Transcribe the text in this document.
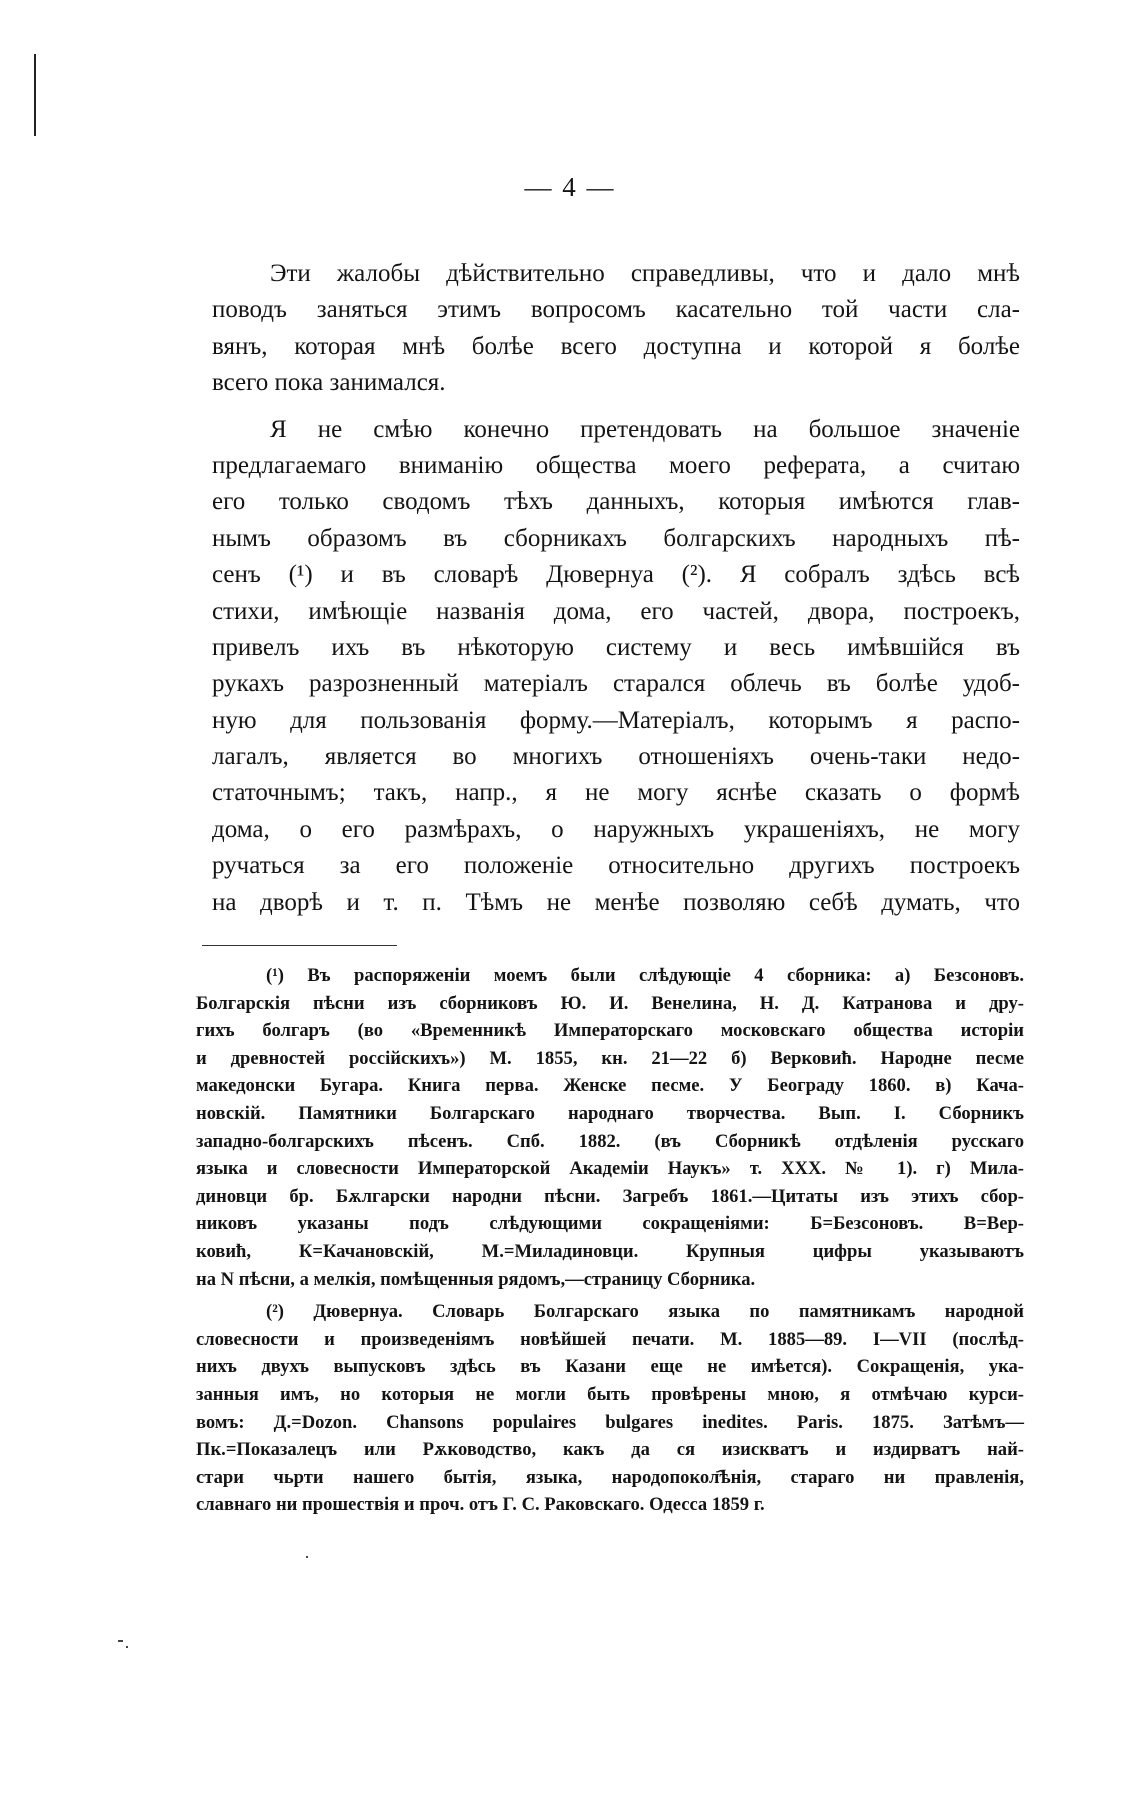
— 4 —
Эти жалобы дѣйствительно справедливы, что и дало мнѣ
поводъ заняться этимъ вопросомъ касательно той части сла-
вянъ, которая мнѣ болѣе всего доступна и которой я болѣе
всего пока занимался.
Я не смѣю конечно претендовать на большое значеніе
предлагаемаго вниманію общества моего реферата, а считаю
его только сводомъ тѣхъ данныхъ, которыя имѣются глав-
нымъ образомъ въ сборникахъ болгарскихъ народныхъ пѣ-
сенъ (¹) и въ словарѣ Дювернуа (²). Я собралъ здѣсь всѣ
стихи, имѣющіе названія дома, его частей, двора, построекъ,
привелъ ихъ въ нѣкоторую систему и весь имѣвшійся въ
рукахъ разрозненный матеріалъ старался облечь въ болѣе удоб-
ную для пользованія форму.—Матеріалъ, которымъ я распо-
лагалъ, является во многихъ отношеніяхъ очень-таки недо-
статочнымъ; такъ, напр., я не могу яснѣе сказать о формѣ
дома, о его размѣрахъ, о наружныхъ украшеніяхъ, не могу
ручаться за его положеніе относительно другихъ построекъ
на дворѣ и т. п. Тѣмъ не менѣе позволяю себѣ думать, что
(¹) Въ распоряженіи моемъ были слѣдующіе 4 сборника: а) Безсоновъ.
Болгарскія пѣсни изъ сборниковъ Ю. И. Венелина, Н. Д. Катранова и дру-
гихъ болгаръ (во «Временникѣ Императорскаго московскаго общества исторіи
и древностей россійскихъ») М. 1855, кн. 21—22 б) Верковић. Народне песме
македонски Бугара. Книга перва. Женске песме. У Београду 1860. в) Кача-
новскій. Памятники Болгарскаго народнаго творчества. Вып. I. Сборникъ
западно-болгарскихъ пѣсенъ. Спб. 1882. (въ Сборникѣ отдѣленія русскаго
языка и словесности Императорской Академіи Наукъ» т. XXX. № 1). г) Мила-
диновци бр. Бѫлгарски народни пѣсни. Загребъ 1861.—Цитаты изъ этихъ сбор-
никовъ указаны подъ слѣдующими сокращеніями: Б=Безсоновъ. В=Вер-
ковић, К=Качановскій, М.=Миладиновци. Крупныя цифры указываютъ
на N пѣсни, а мелкія, помѣщенныя рядомъ,—страницу Сборника.
(²) Дювернуа. Словарь Болгарскаго языка по памятникамъ народной
словесности и произведеніямъ новѣйшей печати. М. 1885—89. I—VII (послѣд-
нихъ двухъ выпусковъ здѣсь въ Казани еще не имѣется). Сокращенія, ука-
занныя имъ, но которыя не могли быть провѣрены мною, я отмѣчаю курси-
вомъ: Д.=Dozon. Chansons populaires bulgares inedites. Paris. 1875. Затѣмъ—
Пк.=Показалецъ или Рѫководство, какъ да ся изискватъ и издирватъ най-
стари чьрти нашего бытія, языка, народопокол҄ѣнія, стараго ни правленія,
славнаго ни прошествія и проч. отъ Г. С. Раковскаго. Одесса 1859 г.
